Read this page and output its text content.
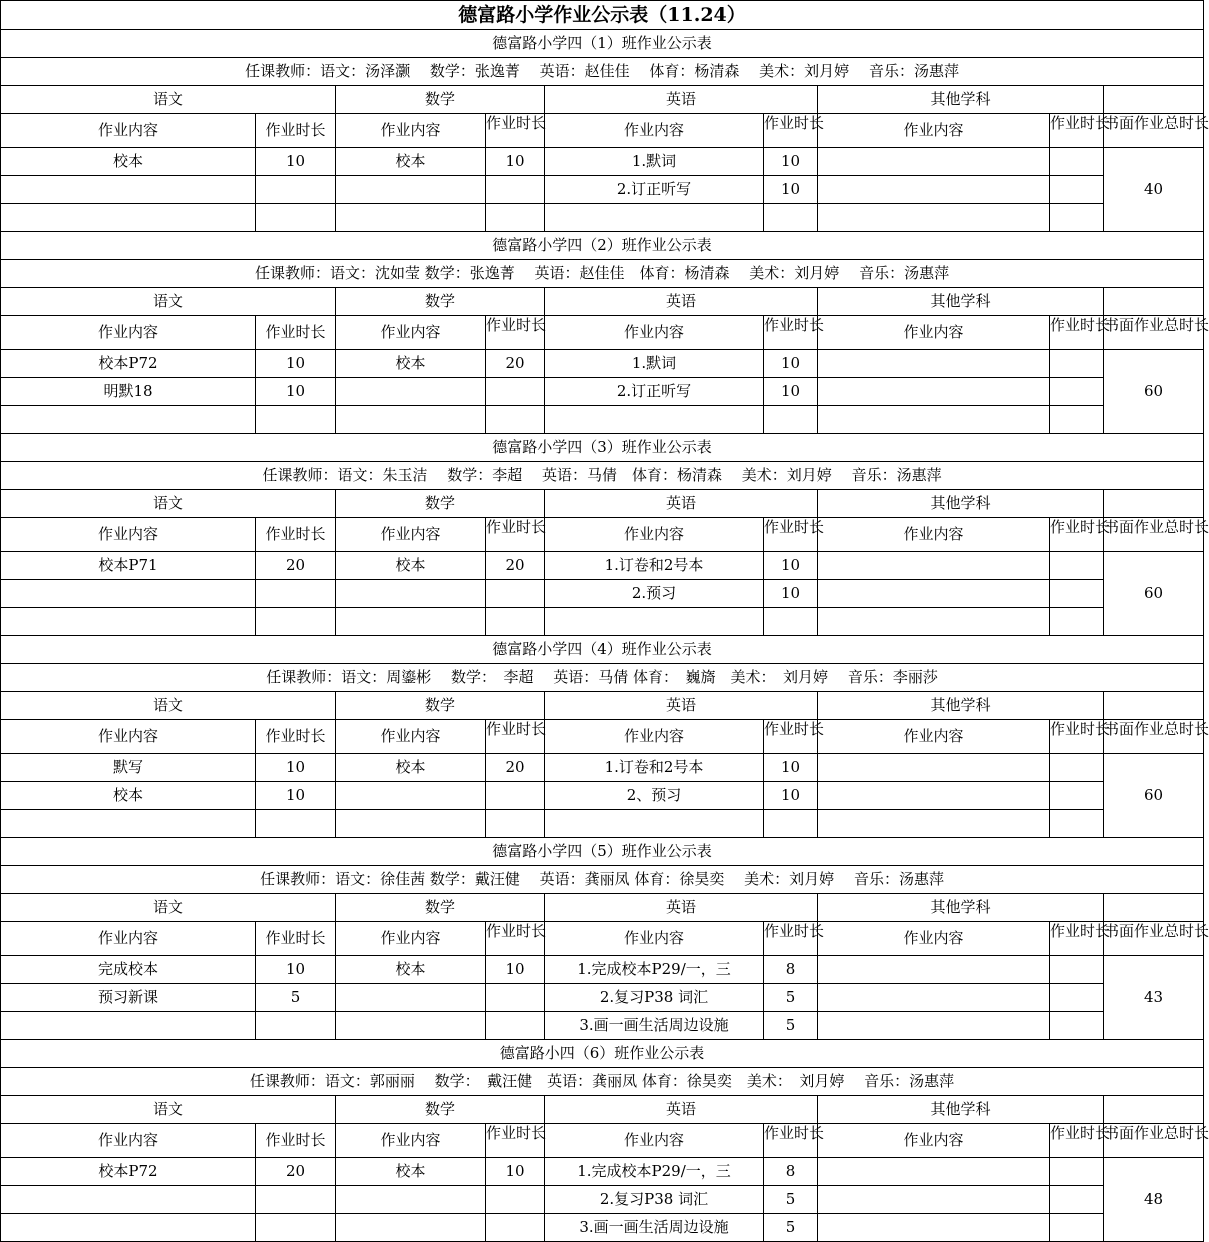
德富路小学作业公示表（11.24）								
德富路小学四（1）班作业公示表								
任课教师：语文：汤泽灏　 数学：张逸菁　 英语：赵佳佳　 体育：杨清森　 美术：刘月婷　 音乐：汤惠萍								
语文		数学		英语		其他学科		
作业内容	作业时长	作业内容	作业时长	作业内容	作业时长	作业内容	作业时长	书面作业总时长

校本	10	校本	10	1.默词	10			40
				2.订正听写	10			

德富路小学四（2）班作业公示表								
任课教师：语文：沈如莹 数学：张逸菁　 英语：赵佳佳　体育：杨清森　 美术：刘月婷　 音乐：汤惠萍								
语文		数学		英语		其他学科		
作业内容	作业时长	作业内容	作业时长	作业内容	作业时长	作业内容	作业时长	书面作业总时长

校本P72	10	校本	20	1.默词	10			60
明默18	10			2.订正听写	10			

德富路小学四（3）班作业公示表								
任课教师：语文：朱玉洁　 数学：李超　 英语：马倩　体育：杨清森　 美术：刘月婷　 音乐：汤惠萍								
语文		数学		英语		其他学科		
作业内容	作业时长	作业内容	作业时长	作业内容	作业时长	作业内容	作业时长	书面作业总时长

校本P71	20	校本	20	1.订卷和2号本	10			60
				2.预习	10			

德富路小学四（4）班作业公示表								
任课教师：语文：周鎏彬　 数学：　李超　 英语：马倩 体育：　巍旖　美术：　刘月婷　 音乐：李丽莎								
语文		数学		英语		其他学科		
作业内容	作业时长	作业内容	作业时长	作业内容	作业时长	作业内容	作业时长	书面作业总时长

默写	10	校本	20	1.订卷和2号本	10			60
校本	10			2、预习	10			

德富路小学四（5）班作业公示表								
任课教师：语文：徐佳茜 数学：戴汪健　 英语：龚丽凤 体育：徐昊奕　 美术：刘月婷　 音乐：汤惠萍								
语文		数学		英语		其他学科		
作业内容	作业时长	作业内容	作业时长	作业内容	作业时长	作业内容	作业时长	书面作业总时长

完成校本	10	校本	10	1.完成校本P29/一，三	8			43
预习新课	5			2.复习P38 词汇	5			
				3.画一画生活周边设施	5			
德富路小四（6）班作业公示表								
任课教师：语文：郭丽丽　 数学：　戴汪健　英语：龚丽凤 体育：徐昊奕　美术：　刘月婷　 音乐：汤惠萍								
语文		数学		英语		其他学科		
作业内容	作业时长	作业内容	作业时长	作业内容	作业时长	作业内容	作业时长	书面作业总时长

校本P72	20	校本	10	1.完成校本P29/一，三	8			48
				2.复习P38 词汇	5			
				3.画一画生活周边设施	5			
